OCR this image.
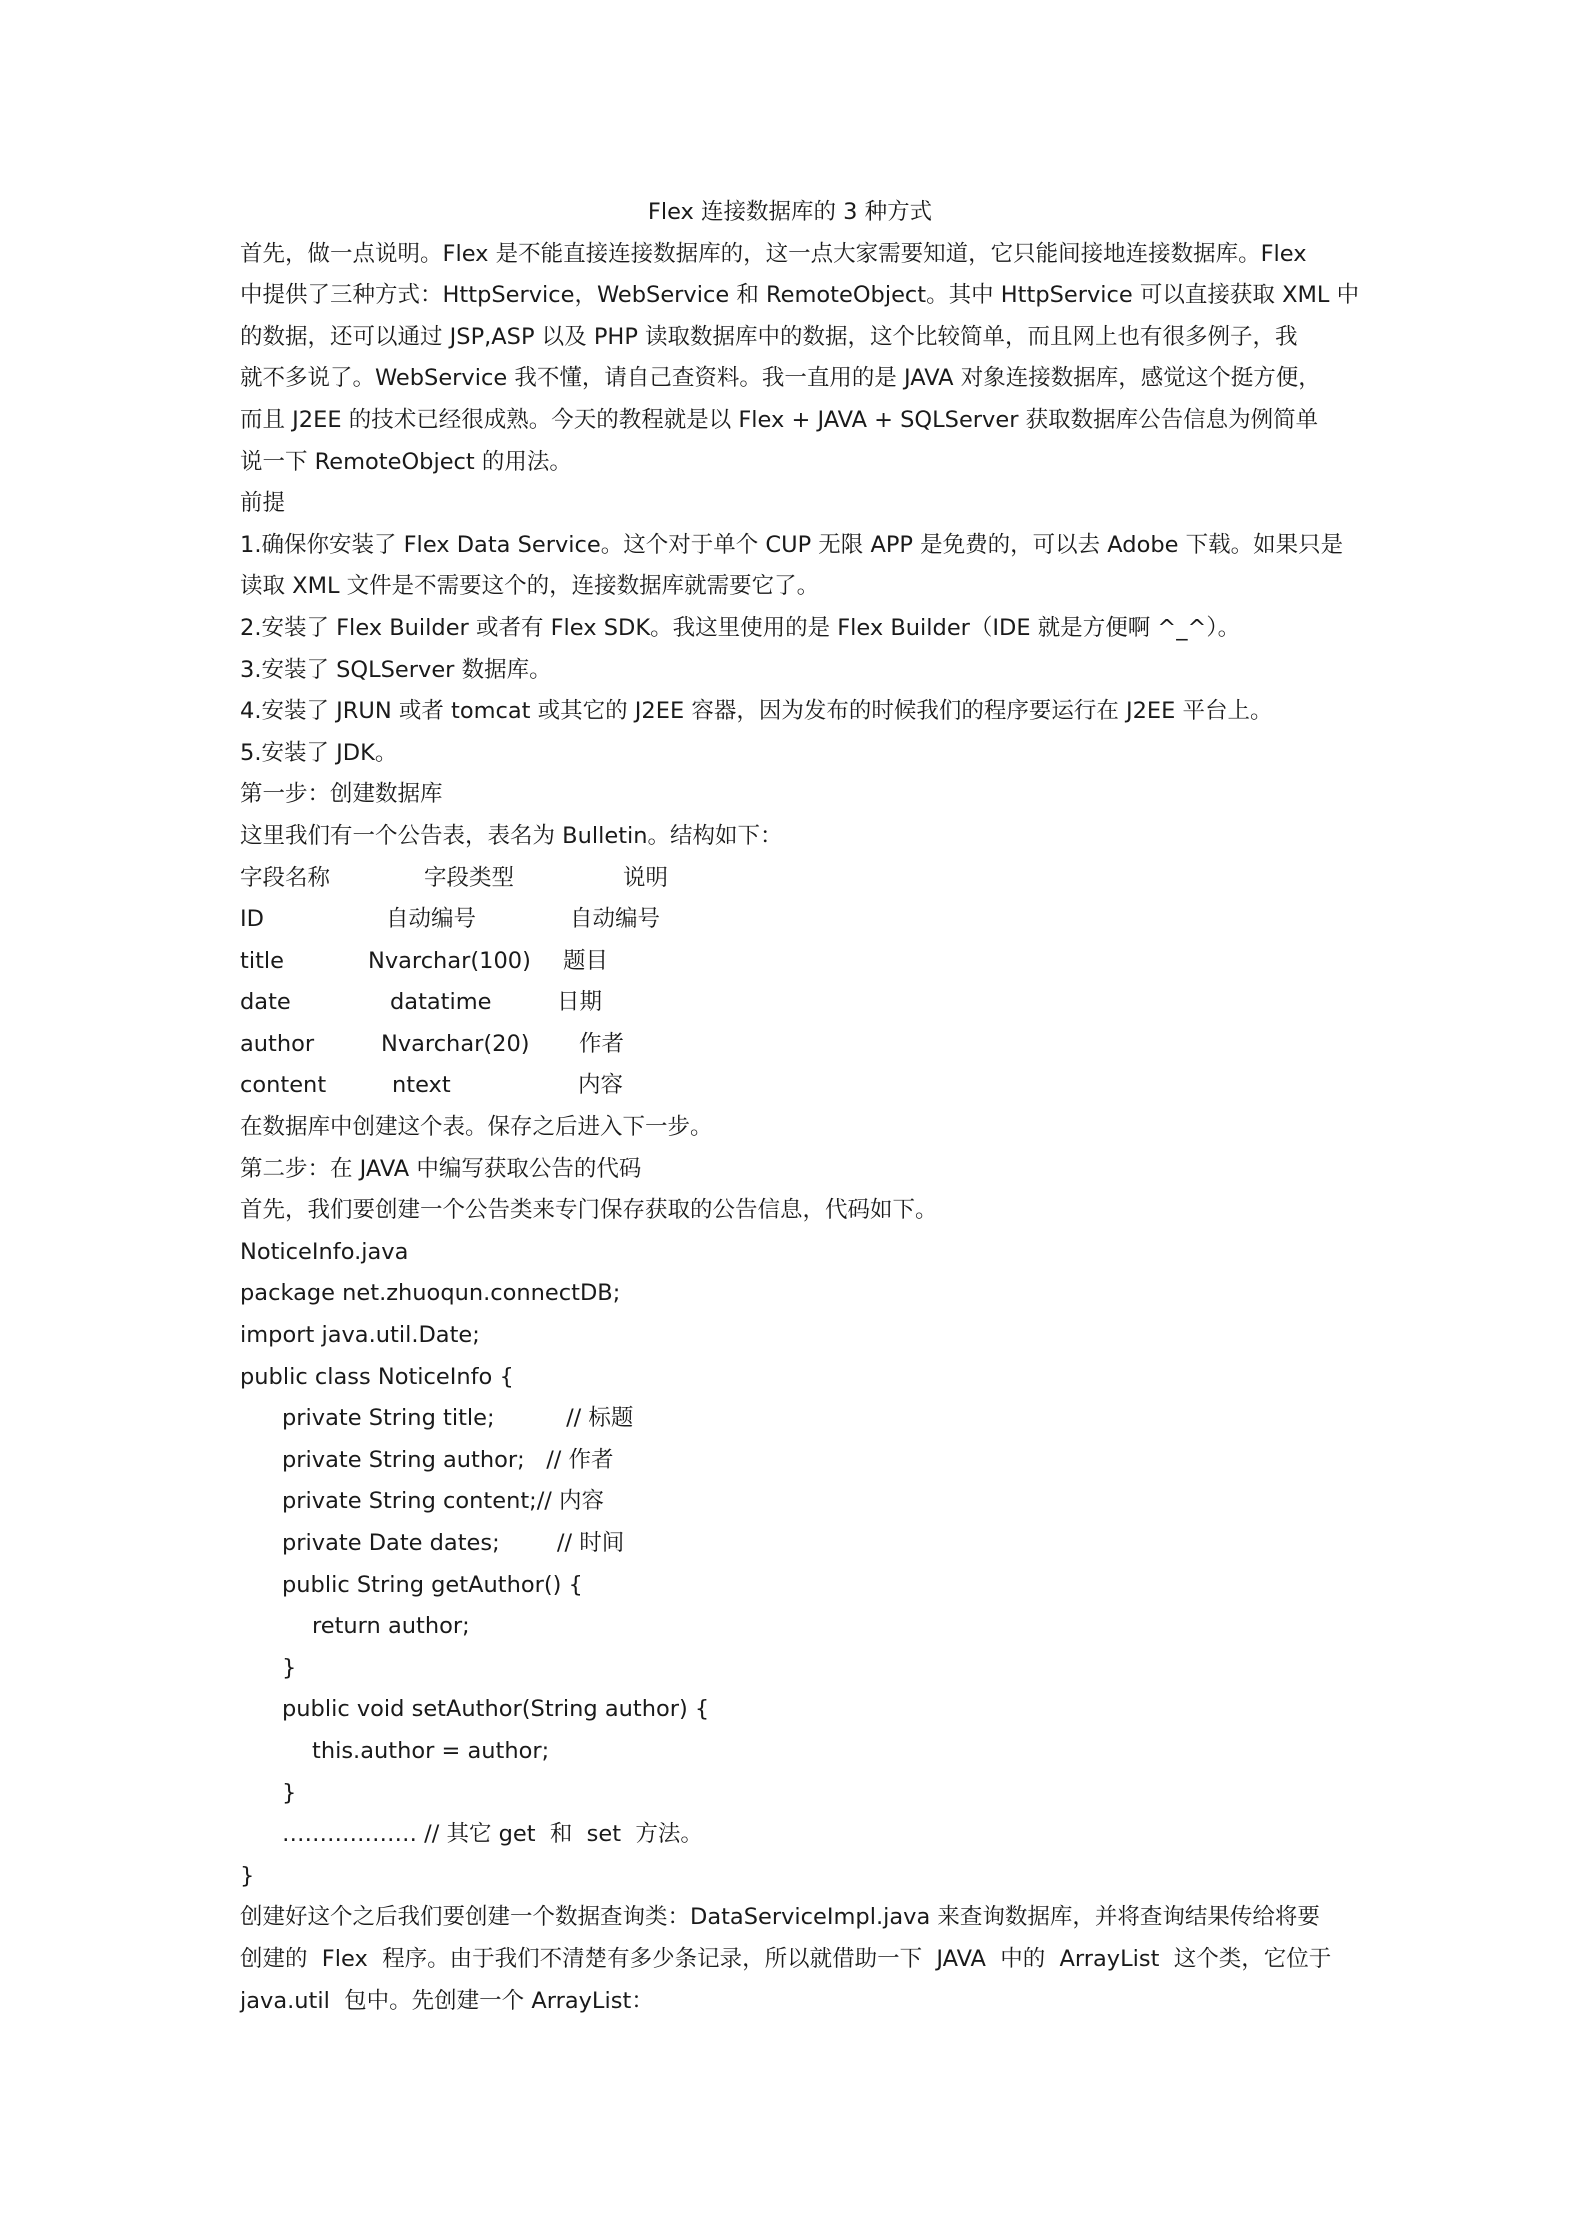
Flex 连接数据库的 3 种方式
首先，做一点说明。Flex 是不能直接连接数据库的，这一点大家需要知道，它只能间接地连接数据库。Flex
中提供了三种方式：HttpService，WebService 和 RemoteObject。其中 HttpService 可以直接获取 XML 中
的数据，还可以通过 JSP,ASP 以及 PHP 读取数据库中的数据，这个比较简单，而且网上也有很多例子，我
就不多说了。WebService 我不懂，请自己查资料。我一直用的是 JAVA 对象连接数据库，感觉这个挺方便，
而且 J2EE 的技术已经很成熟。今天的教程就是以 Flex + JAVA + SQLServer 获取数据库公告信息为例简单
说一下 RemoteObject 的用法。
前提
1.确保你安装了 Flex Data Service。这个对于单个 CUP 无限 APP 是免费的，可以去 Adobe 下载。如果只是
读取 XML 文件是不需要这个的，连接数据库就需要它了。
2.安装了 Flex Builder 或者有 Flex SDK。我这里使用的是 Flex Builder（IDE 就是方便啊 ^_^）。
3.安装了 SQLServer 数据库。
4.安装了 JRUN 或者 tomcat 或其它的 J2EE 容器，因为发布的时候我们的程序要运行在 J2EE 平台上。
5.安装了 JDK。
第一步：创建数据库
这里我们有一个公告表，表名为 Bulletin。结构如下：
字段名称	字段类型	说明
ID	自动编号	自动编号
title	Nvarchar(100) 题目
date	datatime	日期
author	Nvarchar(20) 作者
content	ntext	内容
在数据库中创建这个表。保存之后进入下一步。
第二步：在 JAVA 中编写获取公告的代码
首先，我们要创建一个公告类来专门保存获取的公告信息，代码如下。
NoticeInfo.java
package net.zhuoqun.connectDB;
import java.util.Date;
public class NoticeInfo {
private String title;          // 标题
private String author;   // 作者
private String content;// 内容
private Date dates;        // 时间
public String getAuthor() {
return author;
}
public void setAuthor(String author) {
this.author = author;
}
……………… // 其它 get  和  set  方法。
}
创建好这个之后我们要创建一个数据查询类：DataServiceImpl.java 来查询数据库，并将查询结果传给将要
创建的  Flex  程序。由于我们不清楚有多少条记录，所以就借助一下  JAVA  中的  ArrayList  这个类，它位于
java.util  包中。先创建一个 ArrayList：
